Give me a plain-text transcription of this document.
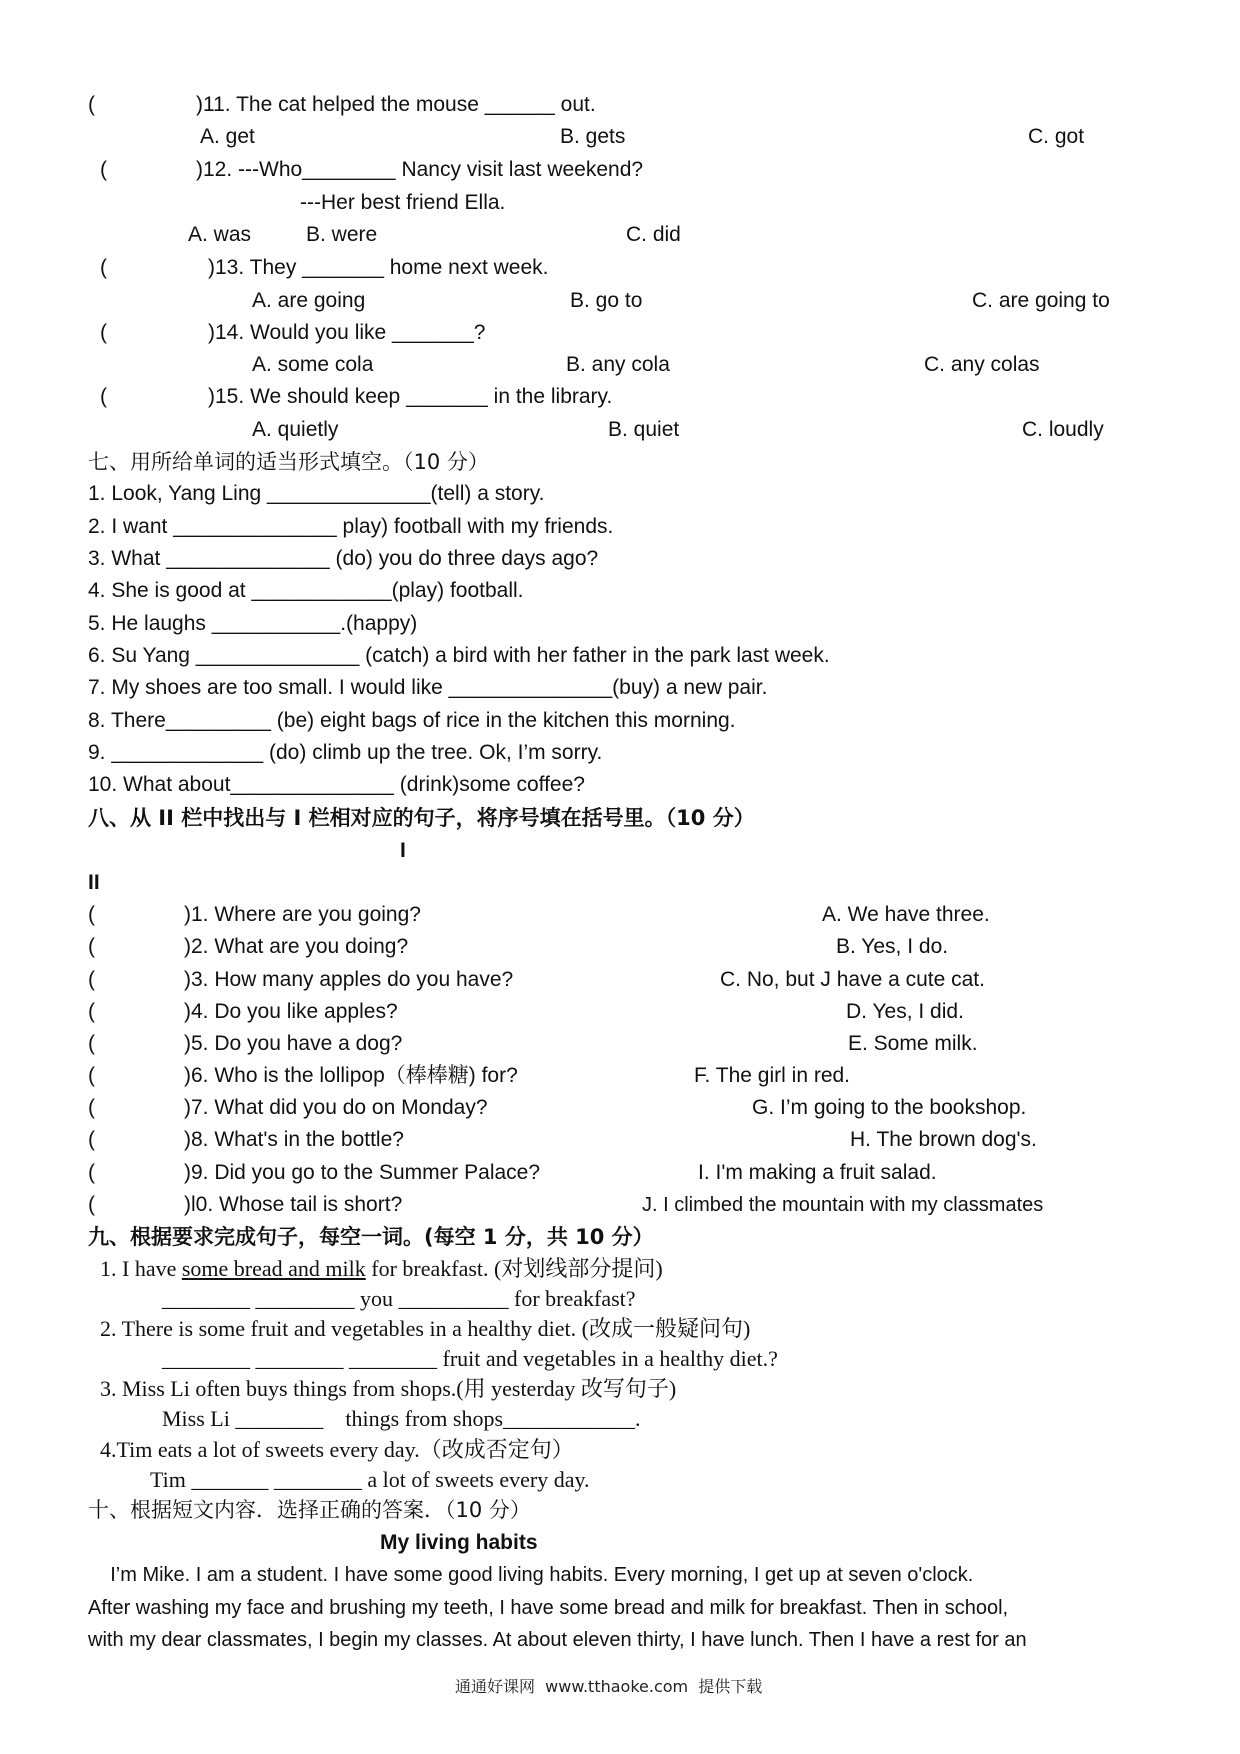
(	)11. The cat helped the mouse ______ out.
A. get	B. gets	C. got
(	)12. ---Who________ Nancy visit last weekend?
---Her best friend Ella.
A. was	B. were	C. did
(	)13. They _______ home next week.
A. are going	B. go to	C. are going to
(	)14. Would you like _______?
A. some cola	B. any cola	C. any colas
(	)15. We should keep _______ in the library.
A. quietly	B. quiet	C. loudly
七、用所给单词的适当形式填空。（10 分）
1. Look, Yang Ling ______________(tell) a story.
2. I want ______________ play) football with my friends.
3. What ______________ (do) you do three days ago?
4. She is good at ____________(play) football.
5. He laughs ___________.(happy)
6. Su Yang ______________ (catch) a bird with her father in the park last week.
7. My shoes are too small. I would like ______________(buy) a new pair.
8. There_________ (be) eight bags of rice in the kitchen this morning.
9. _____________ (do) climb up the tree. Ok, I’m sorry.
10. What about______________ (drink)some coffee?
八、从 II 栏中找出与 I 栏相对应的句子，将序号填在括号里。（10 分）
I
II
(	)1. Where are you going?	A. We have three.
(	)2. What are you doing?	B. Yes, I do.
(	)3. How many apples do you have?	C. No, but J have a cute cat.
(	)4. Do you like apples?	D. Yes, I did.
(	)5. Do you have a dog?	E. Some milk.
(	)6. Who is the lollipop（棒棒糖) for?	F. The girl in red.
(	)7. What did you do on Monday?	G. I’m going to the bookshop.
(	)8. What's in the bottle?	H. The brown dog's.
(	)9. Did you go to the Summer Palace?	I. I'm making a fruit salad.
(	)l0. Whose tail is short?	J. I climbed the mountain with my classmates
九、根据要求完成句子，每空一词。(每空 1 分，共 10 分）
1. I have some bread and milk for breakfast. (对划线部分提问)
________ _________ you __________ for breakfast?
2. There is some fruit and vegetables in a healthy diet. (改成一般疑问句)
________ ________ ________ fruit and vegetables in a healthy diet.?
3. Miss Li often buys things from shops.(用 yesterday 改写句子)
Miss Li ________    things from shops____________.
4.Tim eats a lot of sweets every day.（改成否定句）
Tim _______ ________ a lot of sweets every day.
十、根据短文内容．选择正确的答案．（10 分）
My living habits
I’m Mike. I am a student. I have some good living habits. Every morning, I get up at seven o'clock.
After washing my face and brushing my teeth, I have some bread and milk for breakfast. Then in school,
with my dear classmates, I begin my classes. At about eleven thirty, I have lunch. Then I have a rest for an
通通好课网  www.tthaoke.com  提供下载
